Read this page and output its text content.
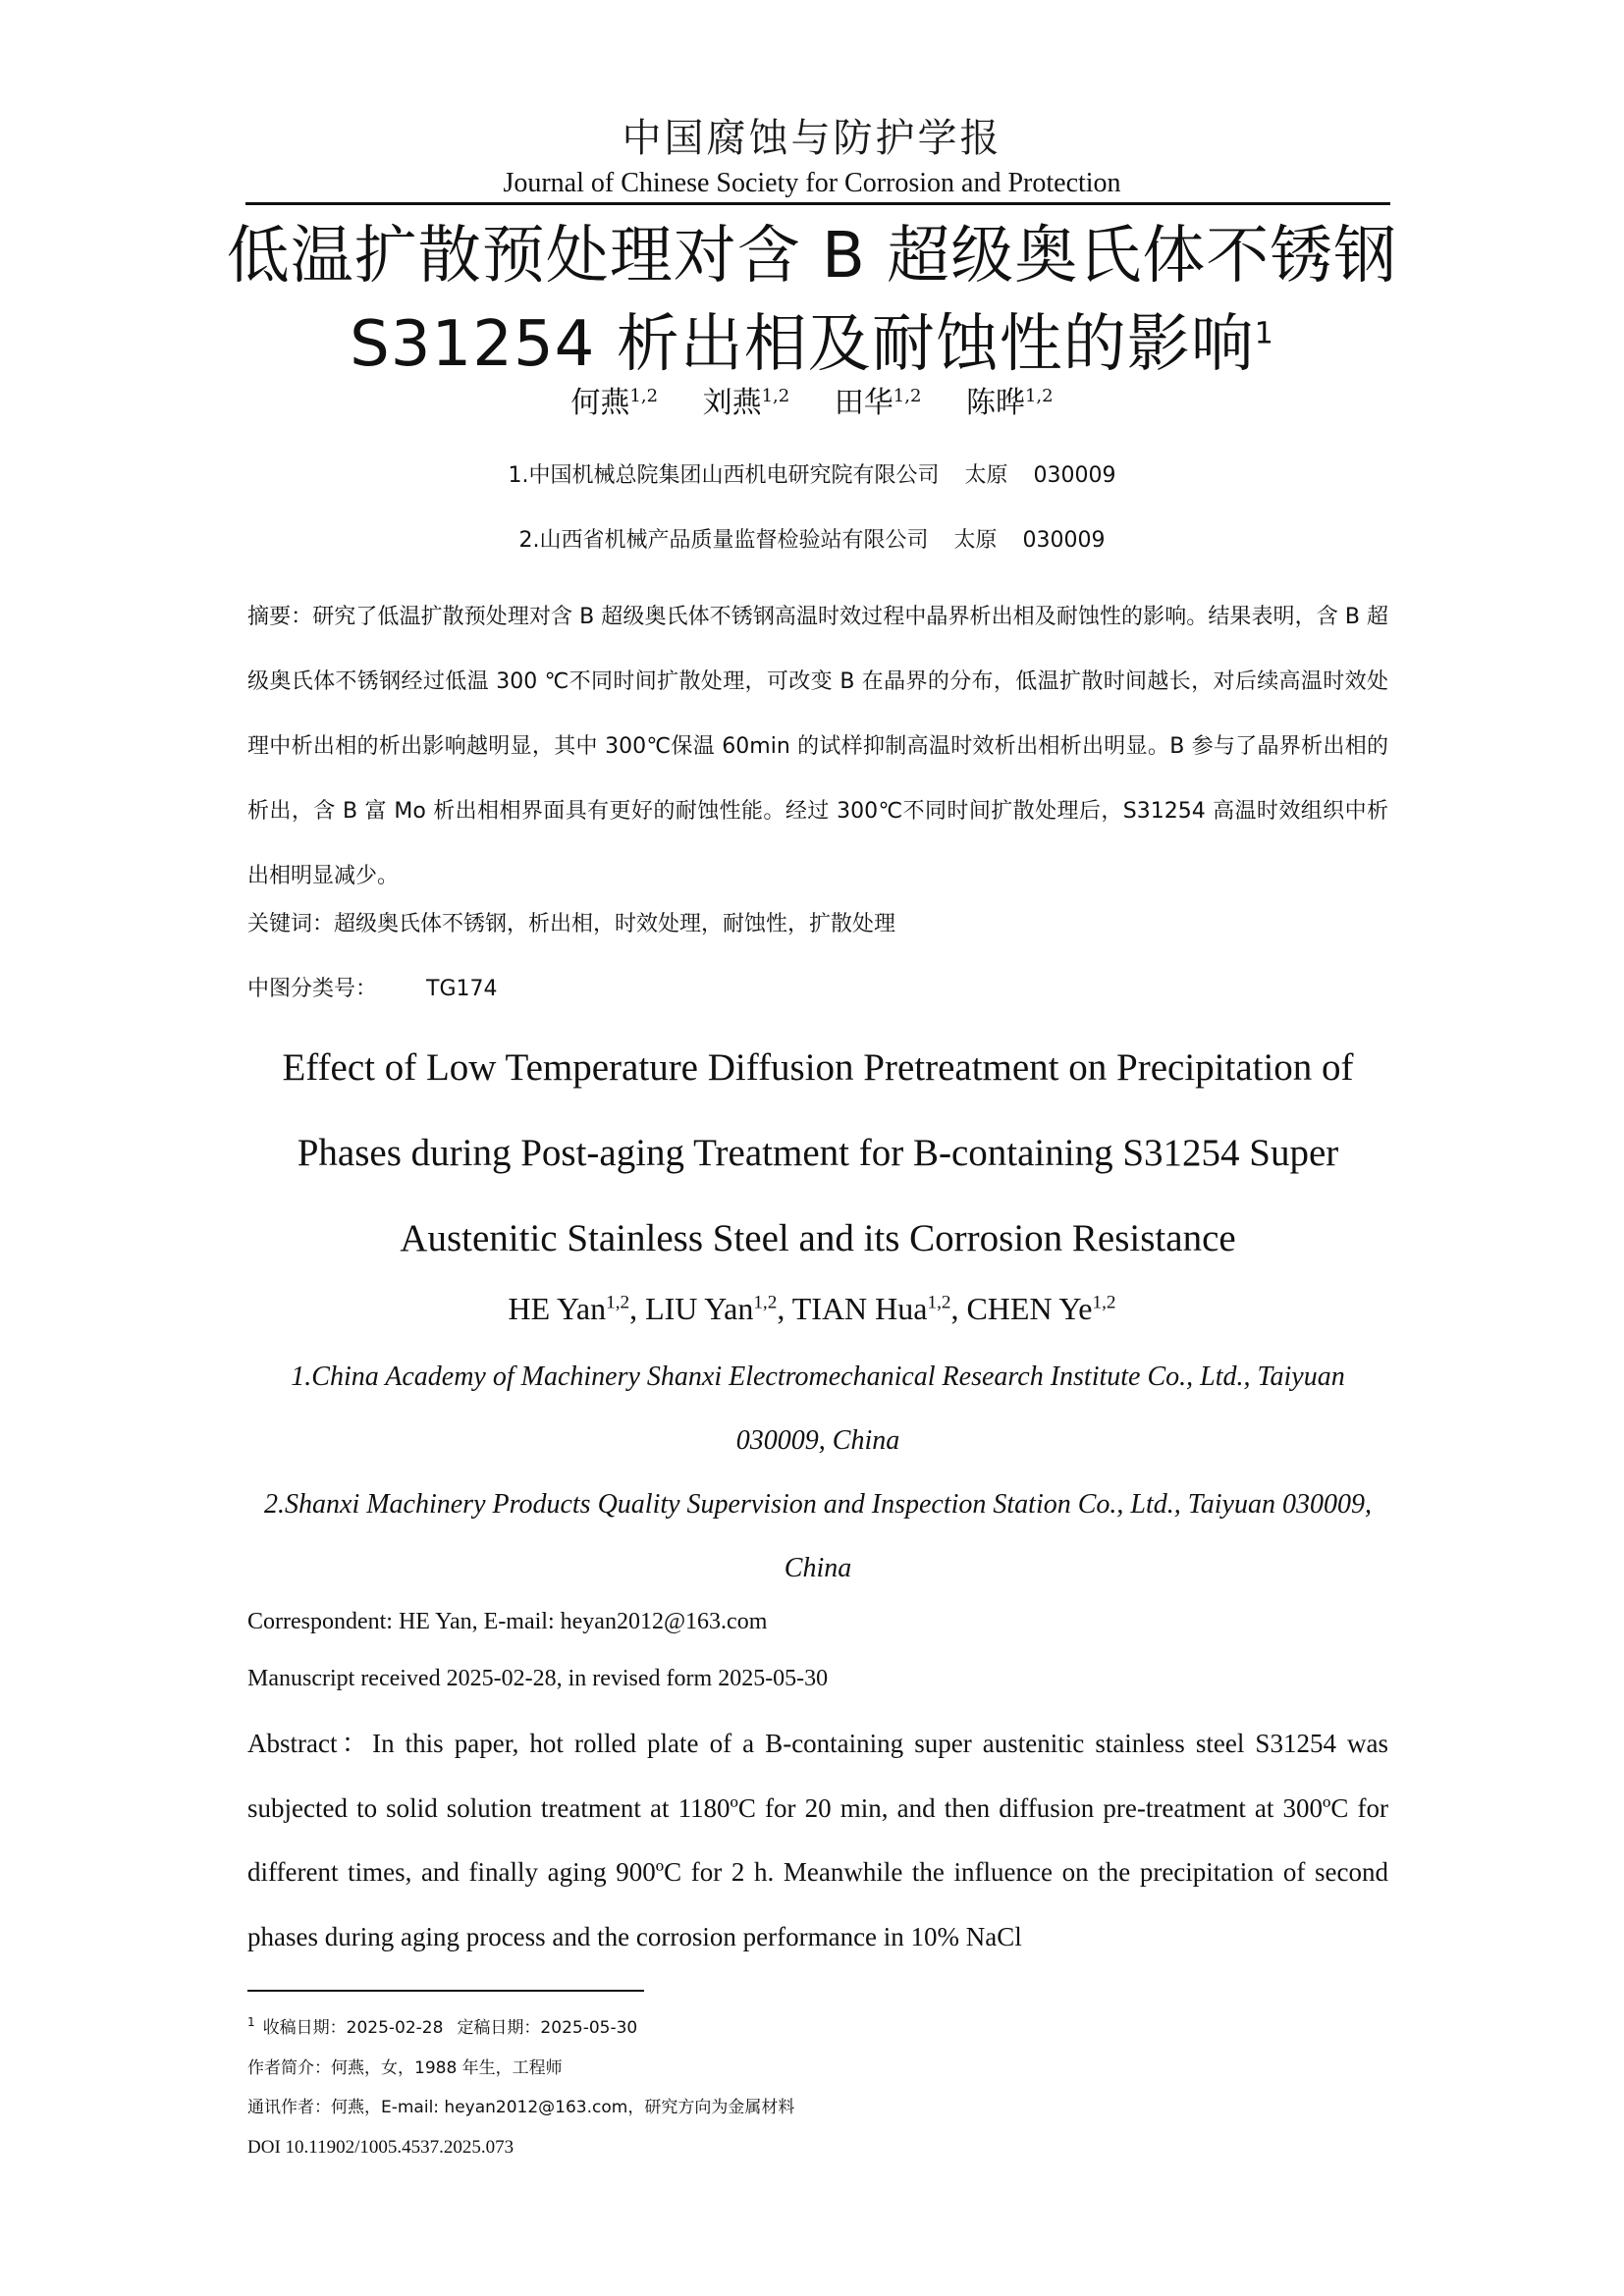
中国腐蚀与防护学报
Journal of Chinese Society for Corrosion and Protection
低温扩散预处理对含 B 超级奥氏体不锈钢
S31254 析出相及耐蚀性的影响$^1$
何燕$^{1,2}$ 刘燕$^{1,2}$ 田华$^{1,2}$ 陈晔$^{1,2}$
1.中国机械总院集团山西机电研究院有限公司 太原 030009
2.山西省机械产品质量监督检验站有限公司 太原 030009

摘要：研究了低温扩散预处理对含 B 超级奥氏体不锈钢高温时效过程中晶界析出相及耐蚀性的影响。结果表明，含 B 超级奥氏体不锈钢经过低温 300 ℃不同时间扩散处理，可改变 B 在晶界的分布，低温扩散时间越长，对后续高温时效处理中析出相的析出影响越明显，其中 300℃保温 60min 的试样抑制高温时效析出相析出明显。B 参与了晶界析出相的析出，含 B 富 Mo 析出相相界面具有更好的耐蚀性能。经过 300℃不同时间扩散处理后，S31254 高温时效组织中析出相明显减少。

关键词：超级奥氏体不锈钢，析出相，时效处理，耐蚀性，扩散处理
中图分类号： TG174
Effect of Low Temperature Diffusion Pretreatment on Precipitation of
Phases during Post-aging Treatment for B-containing S31254 Super
Austenitic Stainless Steel and its Corrosion Resistance
HE Yan$^{1,2}$, LIU Yan$^{1,2}$, TIAN Hua$^{1,2}$, CHEN Ye$^{1,2}$

1.China Academy of Machinery Shanxi Electromechanical Research Institute Co., Ltd., Taiyuan 030009, China

2.Shanxi Machinery Products Quality Supervision and Inspection Station Co., Ltd., Taiyuan 030009, China

Correspondent: HE Yan, E-mail: heyan2012@163.com
Manuscript received 2025-02-28, in revised form 2025-05-30

Abstract：In this paper, hot rolled plate of a B-containing super austenitic stainless steel S31254 was subjected to solid solution treatment at 1180ºC for 20 min, and then diffusion pre-treatment at 300ºC for different times, and finally aging 900ºC for 2 h. Meanwhile the influence on the precipitation of second phases during aging process and the corrosion performance in 10% NaCl

$^1$ 收稿日期：2025-02-28 定稿日期：2025-05-30
作者简介：何燕，女，1988 年生，工程师
通讯作者：何燕，E-mail: heyan2012@163.com，研究方向为金属材料
DOI 10.11902/1005.4537.2025.073
